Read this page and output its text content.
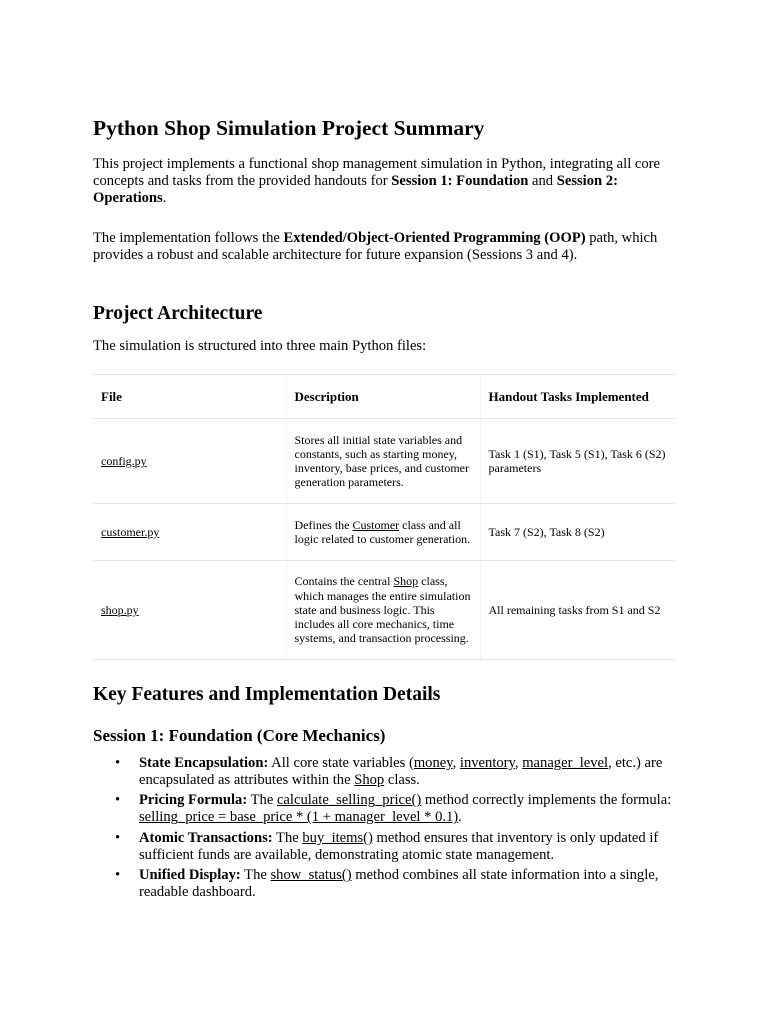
Python Shop Simulation Project Summary

This project implements a functional shop management simulation in Python, integrating all core concepts and tasks from the provided handouts for Session 1: Foundation and Session 2: Operations.

The implementation follows the Extended/Object-Oriented Programming (OOP) path, which provides a robust and scalable architecture for future expansion (Sessions 3 and 4).

Project Architecture

The simulation is structured into three main Python files:

File	Description	Handout Tasks Implemented
config.py	Stores all initial state variables and constants, such as starting money, inventory, base prices, and customer generation parameters.	Task 1 (S1), Task 5 (S1), Task 6 (S2) parameters
customer.py	Defines the Customer class and all logic related to customer generation.	Task 7 (S2), Task 8 (S2)
shop.py	Contains the central Shop class, which manages the entire simulation state and business logic. This includes all core mechanics, time systems, and transaction processing.	All remaining tasks from S1 and S2
Key Features and Implementation Details
Session 1: Foundation (Core Mechanics)
• State Encapsulation: All core state variables (money, inventory, manager_level, etc.) are encapsulated as attributes within the Shop class.
• Pricing Formula: The calculate_selling_price() method correctly implements the formula: selling_price = base_price * (1 + manager_level * 0.1).
• Atomic Transactions: The buy_items() method ensures that inventory is only updated if sufficient funds are available, demonstrating atomic state management.
• Unified Display: The show_status() method combines all state information into a single, readable dashboard.
